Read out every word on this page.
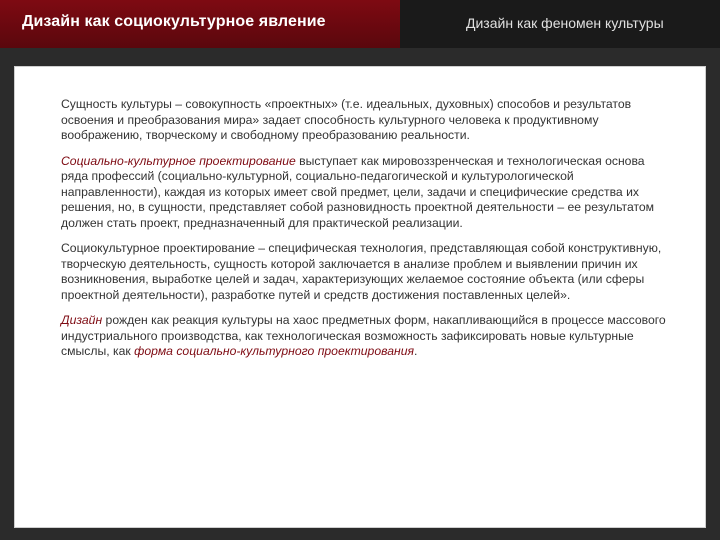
Дизайн как социокультурное явление	Дизайн как феномен культуры

Сущность культуры – совокупность «проектных» (т.е. идеальных, духовных) способов и результатов освоения и преобразования мира» задает способность культурного человека к продуктивному воображению, творческому и свободному преобразованию реальности.

Социально-культурное проектирование выступает как мировоззренческая и технологическая основа ряда профессий (социально-культурной, социально-педагогической и культурологической направленности), каждая из которых имеет свой предмет, цели, задачи и специфические средства их решения, но, в сущности, представляет собой разновидность проектной деятельности – ее результатом должен стать проект, предназначенный для практической реализации.

Социокультурное проектирование – специфическая технология, представляющая собой конструктивную, творческую деятельность, сущность которой заключается в анализе проблем и выявлении причин их возникновения, выработке целей и задач, характеризующих желаемое состояние объекта (или сферы проектной деятельности), разработке путей и средств достижения поставленных целей».

Дизайн рожден как реакция культуры на хаос предметных форм, накапливающийся в процессе массового индустриального производства, как технологическая возможность зафиксировать новые культурные смыслы, как форма социально-культурного проектирования.
